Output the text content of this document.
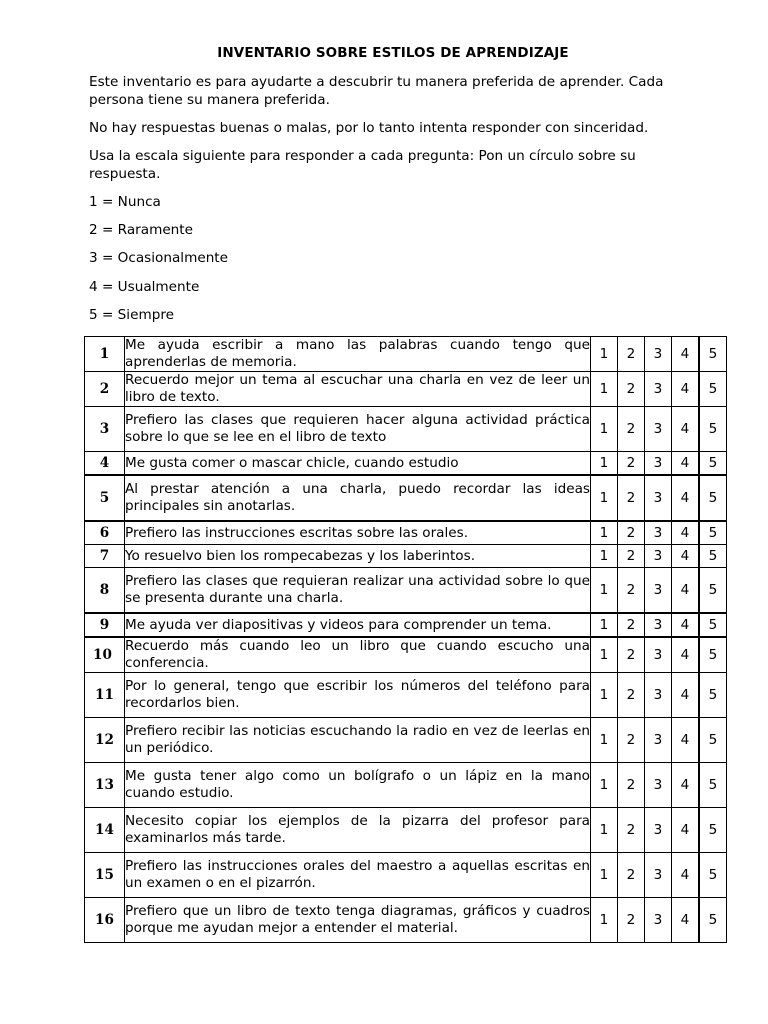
INVENTARIO SOBRE ESTILOS DE APRENDIZAJE

Este inventario es para ayudarte a descubrir tu manera preferida de aprender. Cada persona tiene su manera preferida.

No hay respuestas buenas o malas, por lo tanto intenta responder con sinceridad.

Usa la escala siguiente para responder a cada pregunta: Pon un círculo sobre su respuesta.

1 = Nunca

2 = Raramente

3 = Ocasionalmente

4 = Usualmente

5 = Siempre

1	Me ayuda escribir a mano las palabras cuando tengo que aprenderlas de memoria.	1	2	3	4	5
2	Recuerdo mejor un tema al escuchar una charla en vez de leer un libro de texto.	1	2	3	4	5
3	Prefiero las clases que requieren hacer alguna actividad práctica sobre lo que se lee en el libro de texto	1	2	3	4	5
4	Me gusta comer o mascar chicle, cuando estudio	1	2	3	4	5
5	Al prestar atención a una charla, puedo recordar las ideas principales sin anotarlas.	1	2	3	4	5
6	Prefiero las instrucciones escritas sobre las orales.	1	2	3	4	5
7	Yo resuelvo bien los rompecabezas y los laberintos.	1	2	3	4	5
8	Prefiero las clases que requieran realizar una actividad sobre lo que se presenta durante una charla.	1	2	3	4	5
9	Me ayuda ver diapositivas y videos para comprender un tema.	1	2	3	4	5
10	Recuerdo más cuando leo un libro que cuando escucho una conferencia.	1	2	3	4	5
11	Por lo general, tengo que escribir los números del teléfono para recordarlos bien.	1	2	3	4	5
12	Prefiero recibir las noticias escuchando la radio en vez de leerlas en un periódico.	1	2	3	4	5
13	Me gusta tener algo como un bolígrafo o un lápiz en la mano cuando estudio.	1	2	3	4	5
14	Necesito copiar los ejemplos de la pizarra del profesor para examinarlos más tarde.	1	2	3	4	5
15	Prefiero las instrucciones orales del maestro a aquellas escritas en un examen o en el pizarrón.	1	2	3	4	5
16	Prefiero que un libro de texto tenga diagramas, gráficos y cuadros porque me ayudan mejor a entender el material.	1	2	3	4	5
